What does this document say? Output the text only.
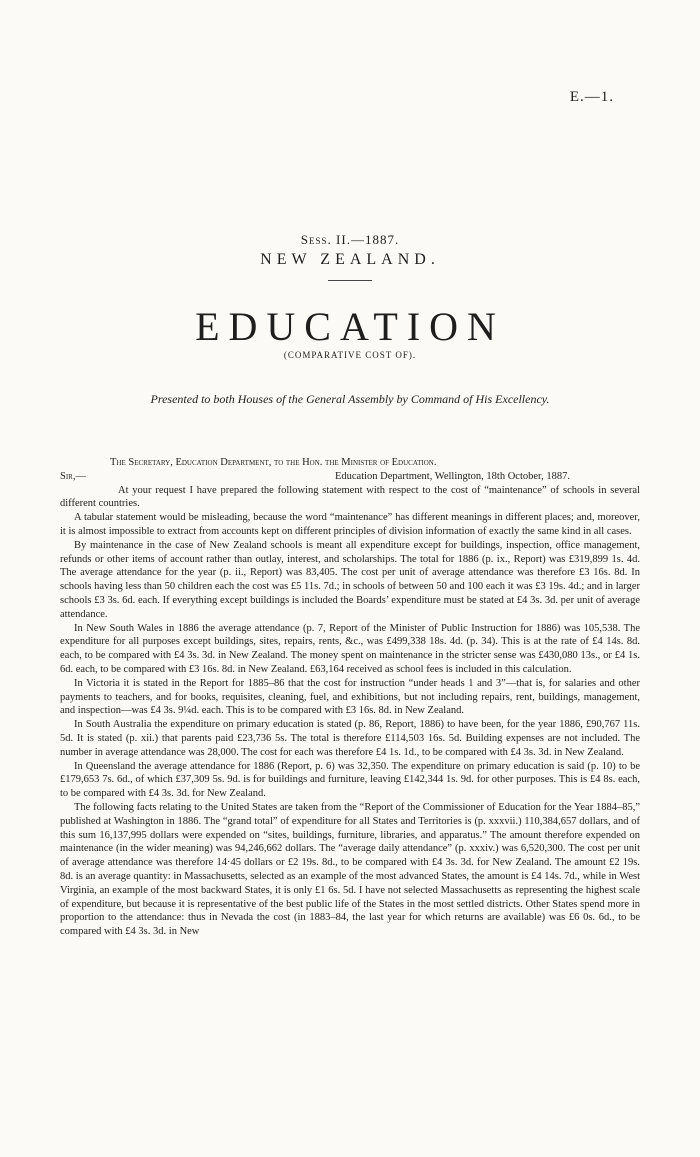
E.—1.
Sess. II.—1887.
NEW ZEALAND.
EDUCATION
(COMPARATIVE COST OF).
Presented to both Houses of the General Assembly by Command of His Excellency.

The Secretary, Education Department, to the Hon. the Minister of Education.

Sir,—	Education Department, Wellington, 18th October, 1887.

At your request I have prepared the following statement with respect to the cost of “maintenance” of schools in several different countries.

A tabular statement would be misleading, because the word “maintenance” has different meanings in different places; and, moreover, it is almost impossible to extract from accounts kept on different principles of division information of exactly the same kind in all cases.

By maintenance in the case of New Zealand schools is meant all expenditure except for buildings, inspection, office management, refunds or other items of account rather than outlay, interest, and scholarships. The total for 1886 (p. ix., Report) was £319,899 1s. 4d. The average attendance for the year (p. ii., Report) was 83,405. The cost per unit of average attendance was therefore £3 16s. 8d. In schools having less than 50 children each the cost was £5 11s. 7d.; in schools of between 50 and 100 each it was £3 19s. 4d.; and in larger schools £3 3s. 6d. each. If everything except buildings is included the Boards’ expenditure must be stated at £4 3s. 3d. per unit of average attendance.

In New South Wales in 1886 the average attendance (p. 7, Report of the Minister of Public Instruction for 1886) was 105,538. The expenditure for all purposes except buildings, sites, repairs, rents, &c., was £499,338 18s. 4d. (p. 34). This is at the rate of £4 14s. 8d. each, to be compared with £4 3s. 3d. in New Zealand. The money spent on maintenance in the stricter sense was £430,080 13s., or £4 1s. 6d. each, to be compared with £3 16s. 8d. in New Zealand. £63,164 received as school fees is included in this calculation.

In Victoria it is stated in the Report for 1885–86 that the cost for instruction “under heads 1 and 3”—that is, for salaries and other payments to teachers, and for books, requisites, cleaning, fuel, and exhibitions, but not including repairs, rent, buildings, management, and inspection—was £4 3s. 9¼d. each. This is to be compared with £3 16s. 8d. in New Zealand.

In South Australia the expenditure on primary education is stated (p. 86, Report, 1886) to have been, for the year 1886, £90,767 11s. 5d. It is stated (p. xii.) that parents paid £23,736 5s. The total is therefore £114,503 16s. 5d. Building expenses are not included. The number in average attendance was 28,000. The cost for each was therefore £4 1s. 1d., to be compared with £4 3s. 3d. in New Zealand.

In Queensland the average attendance for 1886 (Report, p. 6) was 32,350. The expenditure on primary education is said (p. 10) to be £179,653 7s. 6d., of which £37,309 5s. 9d. is for buildings and furniture, leaving £142,344 1s. 9d. for other purposes. This is £4 8s. each, to be compared with £4 3s. 3d. for New Zealand.

The following facts relating to the United States are taken from the “Report of the Commissioner of Education for the Year 1884–85,” published at Washington in 1886. The “grand total” of expenditure for all States and Territories is (p. xxxvii.) 110,384,657 dollars, and of this sum 16,137,995 dollars were expended on “sites, buildings, furniture, libraries, and apparatus.” The amount therefore expended on maintenance (in the wider meaning) was 94,246,662 dollars. The “average daily attendance” (p. xxxiv.) was 6,520,300. The cost per unit of average attendance was therefore 14·45 dollars or £2 19s. 8d., to be compared with £4 3s. 3d. for New Zealand. The amount £2 19s. 8d. is an average quantity: in Massachusetts, selected as an example of the most advanced States, the amount is £4 14s. 7d., while in West Virginia, an example of the most backward States, it is only £1 6s. 5d. I have not selected Massachusetts as representing the highest scale of expenditure, but because it is representative of the best public life of the States in the most settled districts. Other States spend more in proportion to the attendance: thus in Nevada the cost (in 1883–84, the last year for which returns are available) was £6 0s. 6d., to be compared with £4 3s. 3d. in New
